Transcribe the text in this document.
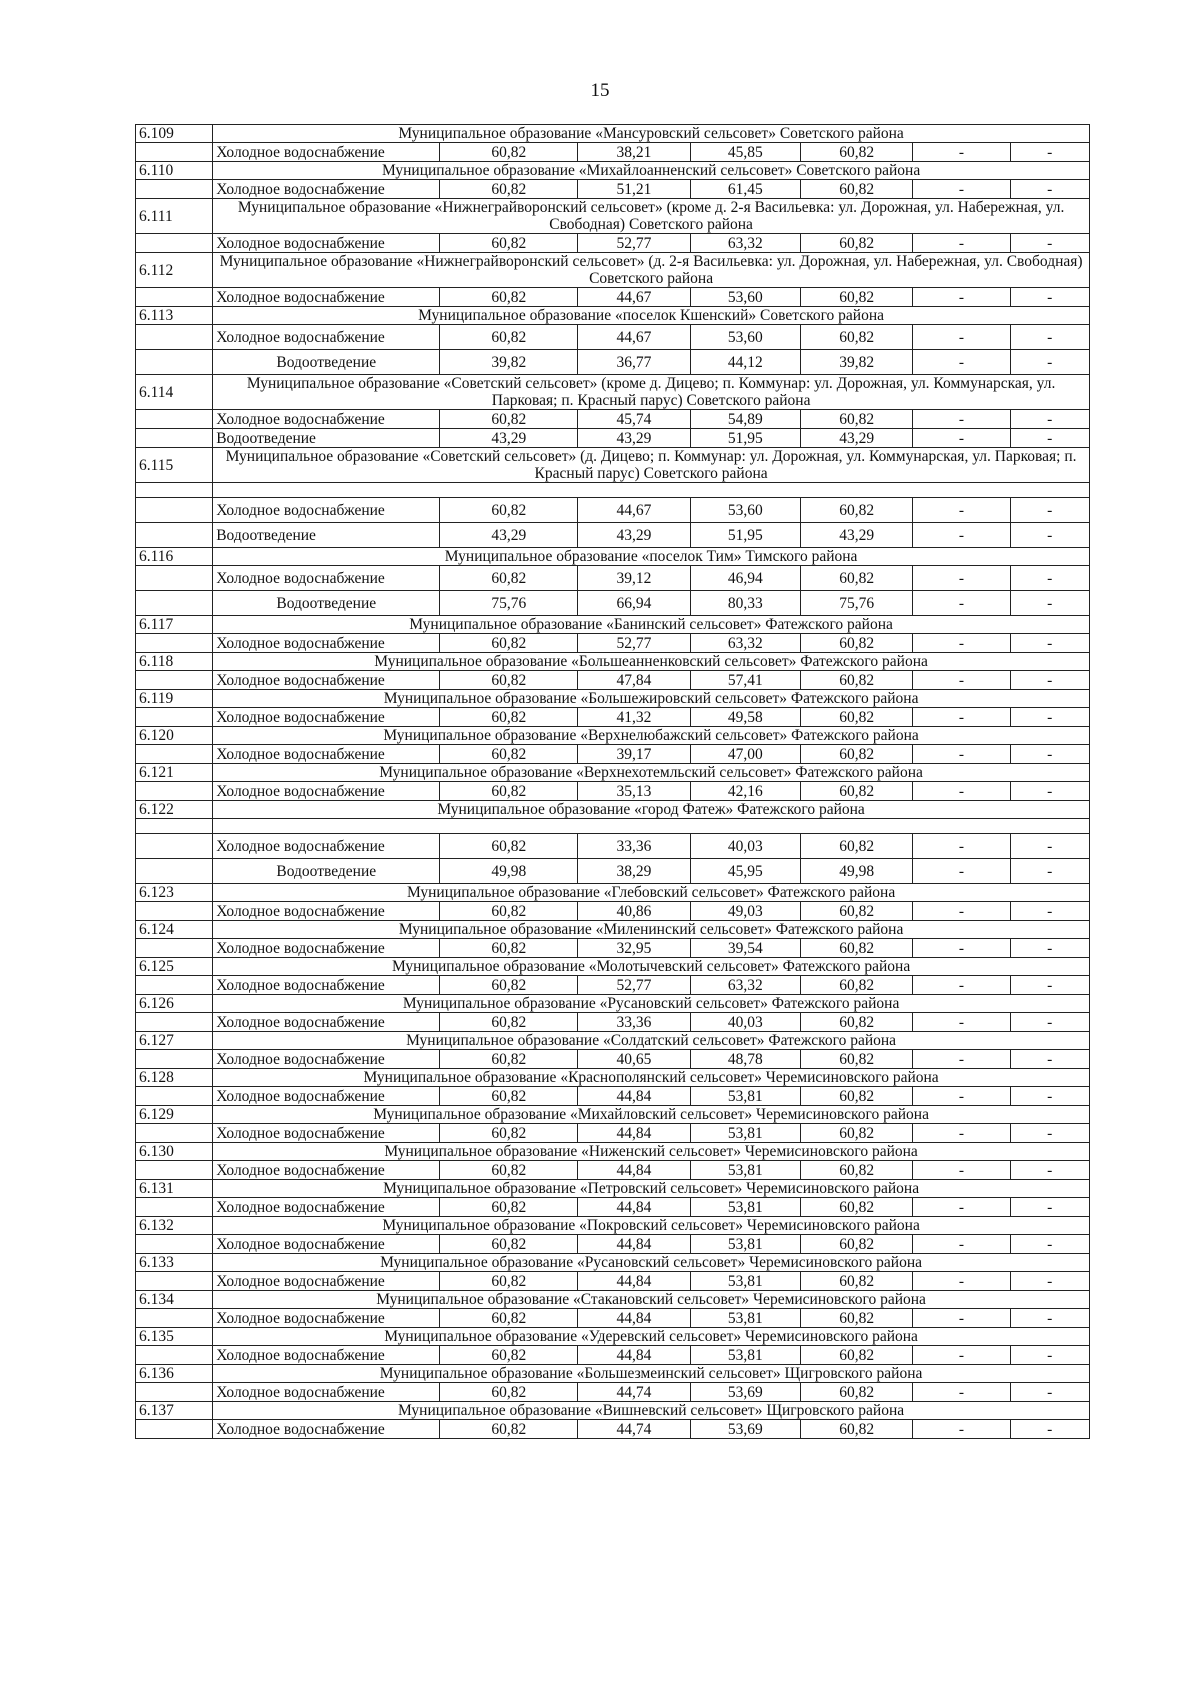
15
6.109	Муниципальное образование «Мансуровский сельсовет» Советского района						
	Холодное водоснабжение	60,82	38,21	45,85	60,82	-	-
6.110	Муниципальное образование «Михайлоанненский сельсовет» Советского района						
	Холодное водоснабжение	60,82	51,21	61,45	60,82	-	-
6.111	Муниципальное образование «Нижнеграйворонский сельсовет» (кроме д. 2-я Васильевка: ул. Дорожная, ул. Набережная, ул. Свободная) Советского района						
	Холодное водоснабжение	60,82	52,77	63,32	60,82	-	-
6.112	Муниципальное образование «Нижнеграйворонский сельсовет» (д. 2-я Васильевка: ул. Дорожная, ул. Набережная, ул. Свободная) Советского района						
	Холодное водоснабжение	60,82	44,67	53,60	60,82	-	-
6.113	Муниципальное образование «поселок Кшенский» Советского района						
	Холодное водоснабжение	60,82	44,67	53,60	60,82	-	-
	Водоотведение	39,82	36,77	44,12	39,82	-	-
6.114	Муниципальное образование «Советский сельсовет» (кроме д. Дицево; п. Коммунар: ул. Дорожная, ул. Коммунарская, ул. Парковая; п. Красный парус) Советского района						
	Холодное водоснабжение	60,82	45,74	54,89	60,82	-	-
	Водоотведение	43,29	43,29	51,95	43,29	-	-
6.115	Муниципальное образование «Советский сельсовет» (д. Дицево; п. Коммунар: ул. Дорожная, ул. Коммунарская, ул. Парковая; п. Красный парус) Советского района						

	Холодное водоснабжение	60,82	44,67	53,60	60,82	-	-
	Водоотведение	43,29	43,29	51,95	43,29	-	-
6.116	Муниципальное образование «поселок Тим» Тимского района						
	Холодное водоснабжение	60,82	39,12	46,94	60,82	-	-
	Водоотведение	75,76	66,94	80,33	75,76	-	-
6.117	Муниципальное образование «Банинский сельсовет» Фатежского района						
	Холодное водоснабжение	60,82	52,77	63,32	60,82	-	-
6.118	Муниципальное образование «Большеанненковский сельсовет» Фатежского района						
	Холодное водоснабжение	60,82	47,84	57,41	60,82	-	-
6.119	Муниципальное образование «Большежировский сельсовет» Фатежского района						
	Холодное водоснабжение	60,82	41,32	49,58	60,82	-	-
6.120	Муниципальное образование «Верхнелюбажский сельсовет» Фатежского района						
	Холодное водоснабжение	60,82	39,17	47,00	60,82	-	-
6.121	Муниципальное образование «Верхнехотемльский сельсовет» Фатежского района						
	Холодное водоснабжение	60,82	35,13	42,16	60,82	-	-
6.122	Муниципальное образование «город Фатеж» Фатежского района						

	Холодное водоснабжение	60,82	33,36	40,03	60,82	-	-
	Водоотведение	49,98	38,29	45,95	49,98	-	-
6.123	Муниципальное образование «Глебовский сельсовет» Фатежского района						
	Холодное водоснабжение	60,82	40,86	49,03	60,82	-	-
6.124	Муниципальное образование «Миленинский сельсовет» Фатежского района						
	Холодное водоснабжение	60,82	32,95	39,54	60,82	-	-
6.125	Муниципальное образование «Молотычевский сельсовет» Фатежского района						
	Холодное водоснабжение	60,82	52,77	63,32	60,82	-	-
6.126	Муниципальное образование «Русановский сельсовет» Фатежского района						
	Холодное водоснабжение	60,82	33,36	40,03	60,82	-	-
6.127	Муниципальное образование «Солдатский сельсовет» Фатежского района						
	Холодное водоснабжение	60,82	40,65	48,78	60,82	-	-
6.128	Муниципальное образование «Краснополянский сельсовет» Черемисиновского района						
	Холодное водоснабжение	60,82	44,84	53,81	60,82	-	-
6.129	Муниципальное образование «Михайловский сельсовет» Черемисиновского района						
	Холодное водоснабжение	60,82	44,84	53,81	60,82	-	-
6.130	Муниципальное образование «Ниженский сельсовет» Черемисиновского района						
	Холодное водоснабжение	60,82	44,84	53,81	60,82	-	-
6.131	Муниципальное образование «Петровский сельсовет» Черемисиновского района						
	Холодное водоснабжение	60,82	44,84	53,81	60,82	-	-
6.132	Муниципальное образование «Покровский сельсовет» Черемисиновского района						
	Холодное водоснабжение	60,82	44,84	53,81	60,82	-	-
6.133	Муниципальное образование «Русановский сельсовет» Черемисиновского района						
	Холодное водоснабжение	60,82	44,84	53,81	60,82	-	-
6.134	Муниципальное образование «Стакановский сельсовет» Черемисиновского района						
	Холодное водоснабжение	60,82	44,84	53,81	60,82	-	-
6.135	Муниципальное образование «Удеревский сельсовет» Черемисиновского района						
	Холодное водоснабжение	60,82	44,84	53,81	60,82	-	-
6.136	Муниципальное образование «Большезмеинский сельсовет» Щигровского района						
	Холодное водоснабжение	60,82	44,74	53,69	60,82	-	-
6.137	Муниципальное образование «Вишневский сельсовет» Щигровского района						
	Холодное водоснабжение	60,82	44,74	53,69	60,82	-	-
